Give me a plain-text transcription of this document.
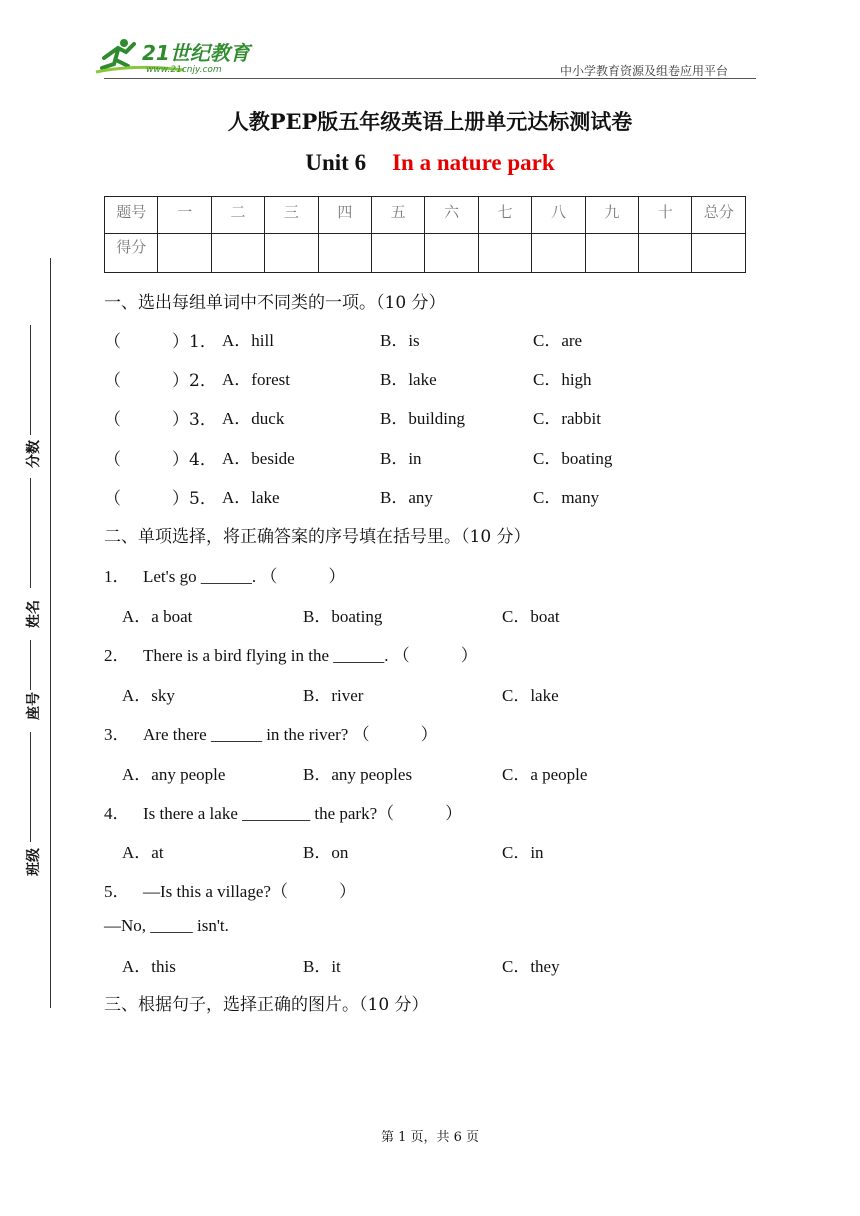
21世纪教育
www.21cnjy.com	中小学教育资源及组卷应用平台
人教PEP版五年级英语上册单元达标测试卷
Unit 6 In a nature park
题号	一	二	三	四	五	六	七	八	九	十	总分
得分											
分数
姓名
座号
班级
一、选出每组单词中不同类的一项。（10 分）
（　　　）1． A．hill	B．is	C．are
（　　　）2． A．forest	B．lake	C．high
（　　　）3． A．duck	B．building	C．rabbit
（　　　）4． A．beside	B．in	C．boating
（　　　）5． A．lake	B．any	C．many
二、单项选择，将正确答案的序号填在括号里。（10 分）
1． Let's go ______. （　　　）
A．a boat	B．boating	C．boat
2． There is a bird flying in the ______. （　　　）
A．sky	B．river	C．lake
3． Are there ______ in the river? （　　　）
A．any people	B．any peoples	C．a people
4． Is there a lake ________ the park?（　　　）
A．at	B．on	C．in
5． —Is this a village?（　　　）
—No, _____ isn't.
A．this	B．it	C．they
三、根据句子，选择正确的图片。（10 分）
第 1 页，共 6 页
